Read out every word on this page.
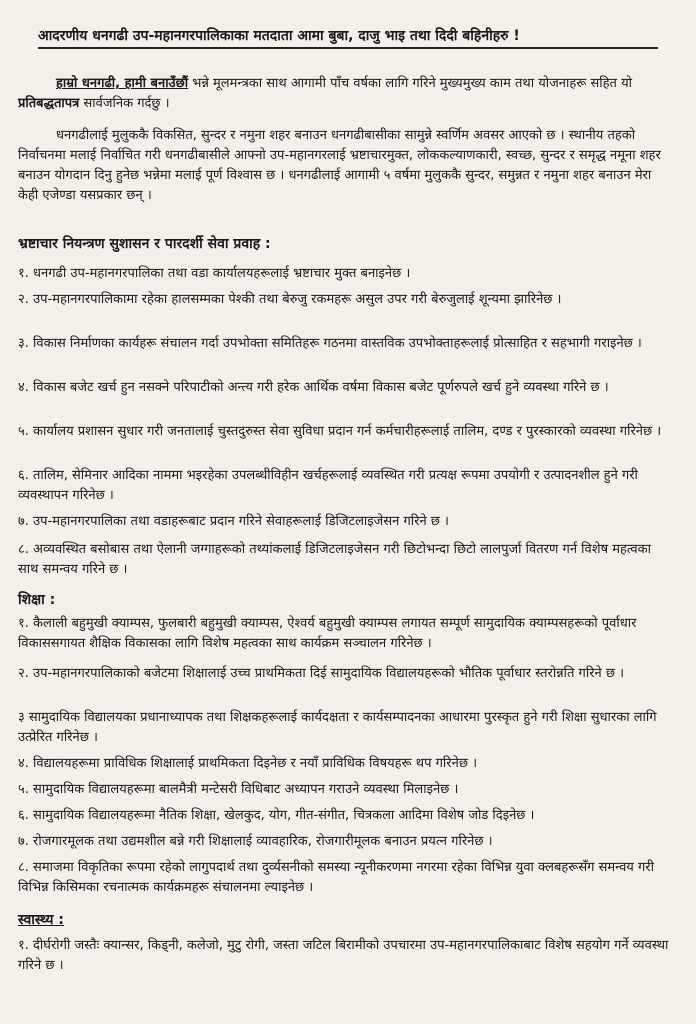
आदरणीय धनगढी उप-महानगरपालिकाका मतदाता आमा बुबा, दाजु भाइ तथा दिदी बहिनीहरु !

हाम्रो धनगढी, हामी बनाउँछौं भन्ने मूलमन्त्रका साथ आगामी पाँच वर्षका लागि गरिने मुख्यमुख्य काम तथा योजनाहरू सहित यो प्रतिबद्धतापत्र सार्वजनिक गर्दछु ।

धनगढीलाई मुलुककै विकसित, सुन्दर र नमुना शहर बनाउन धनगढीबासीका सामुन्ने स्वर्णिम अवसर आएको छ । स्थानीय तहको निर्वाचनमा मलाई निर्वाचित गरी धनगढीबासीले आफ्नो उप-महानगरलाई भ्रष्टाचारमुक्त, लोककल्याणकारी, स्वच्छ, सुन्दर र समृद्ध नमूना शहर बनाउन योगदान दिनु हुनेछ भन्नेमा मलाई पूर्ण विश्वास छ । धनगढीलाई आगामी ५ वर्षमा मुलुककै सुन्दर, समुन्नत र नमुना शहर बनाउन मेरा केही एजेण्डा यसप्रकार छन् ।

भ्रष्टाचार नियन्त्रण सुशासन र पारदर्शी सेवा प्रवाह :

१. धनगढी उप-महानगरपालिका तथा वडा कार्यालयहरूलाई भ्रष्टाचार मुक्त बनाइनेछ ।

२. उप-महानगरपालिकामा रहेका हालसम्मका पेश्की तथा बेरुजु रकमहरू असुल उपर गरी बेरुजुलाई शून्यमा झारिनेछ ।

३. विकास निर्माणका कार्यहरू संचालन गर्दा उपभोक्ता समितिहरू गठनमा वास्तविक उपभोक्ताहरूलाई प्रोत्साहित र सहभागी गराइनेछ ।

४. विकास बजेट खर्च हुन नसक्ने परिपाटीको अन्त्य गरी हरेक आर्थिक वर्षमा विकास बजेट पूर्णरुपले खर्च हुने व्यवस्था गरिने छ ।

५. कार्यालय प्रशासन सुधार गरी जनतालाई चुस्तदुरुस्त सेवा सुविधा प्रदान गर्न कर्मचारीहरूलाई तालिम, दण्ड र पुरस्कारको व्यवस्था गरिनेछ ।

६. तालिम, सेमिनार आदिका नाममा भइरहेका उपलब्धीविहीन खर्चहरूलाई व्यवस्थित गरी प्रत्यक्ष रूपमा उपयोगी र उत्पादनशील हुने गरी व्यवस्थापन गरिनेछ ।

७. उप-महानगरपालिका तथा वडाहरूबाट प्रदान गरिने सेवाहरूलाई डिजिटलाइजेसन गरिने छ ।

८. अव्यवस्थित बसोबास तथा ऐलानी जग्गाहरूको तथ्यांकलाई डिजिटलाइजेसन गरी छिटोभन्दा छिटो लालपुर्जा वितरण गर्न विशेष महत्वका साथ समन्वय गरिने छ ।

शिक्षा :

१. कैलाली बहुमुखी क्याम्पस, फुलबारी बहुमुखी क्याम्पस, ऐश्वर्य बहुमुखी क्याम्पस लगायत सम्पूर्ण सामुदायिक क्याम्पसहरूको पूर्वाधार विकाससगायत शैक्षिक विकासका लागि विशेष महत्वका साथ कार्यक्रम सञ्चालन गरिनेछ ।

२. उप-महानगरपालिकाको बजेटमा शिक्षालाई उच्च प्राथमिकता दिई सामुदायिक विद्यालयहरूको भौतिक पूर्वाधार स्तरोन्नति गरिने छ ।

३ सामुदायिक विद्यालयका प्रधानाध्यापक तथा शिक्षकहरूलाई कार्यदक्षता र कार्यसम्पादनका आधारमा पुरस्कृत हुने गरी शिक्षा सुधारका लागि उत्प्रेरित गरिनेछ ।

४. विद्यालयहरूमा प्राविधिक शिक्षालाई प्राथमिकता दिइनेछ र नयाँ प्राविधिक विषयहरू थप गरिनेछ ।

५. सामुदायिक विद्यालयहरूमा बालमैत्री मन्टेसरी विधिबाट अध्यापन गराउने व्यवस्था मिलाइनेछ ।

६. सामुदायिक विद्यालयहरूमा नैतिक शिक्षा, खेलकुद, योग, गीत-संगीत, चित्रकला आदिमा विशेष जोड दिइनेछ ।

७. रोजगारमूलक तथा उद्यमशील बन्ने गरी शिक्षालाई व्यावहारिक, रोजगारीमूलक बनाउन प्रयत्न गरिनेछ ।

८. समाजमा विकृतिका रूपमा रहेको लागुपदार्थ तथा दुर्व्यसनीको समस्या न्यूनीकरणमा नगरमा रहेका विभिन्न युवा क्लबहरूसँग समन्वय गरी विभिन्न किसिमका रचनात्मक कार्यक्रमहरू संचालनमा ल्याइनेछ ।

स्वास्थ्य :

१. दीर्घरोगी जस्तैः क्यान्सर, किड्नी, कलेजो, मुटु रोगी, जस्ता जटिल बिरामीको उपचारमा उप-महानगरपालिकाबाट विशेष सहयोग गर्ने व्यवस्था गरिने छ ।
